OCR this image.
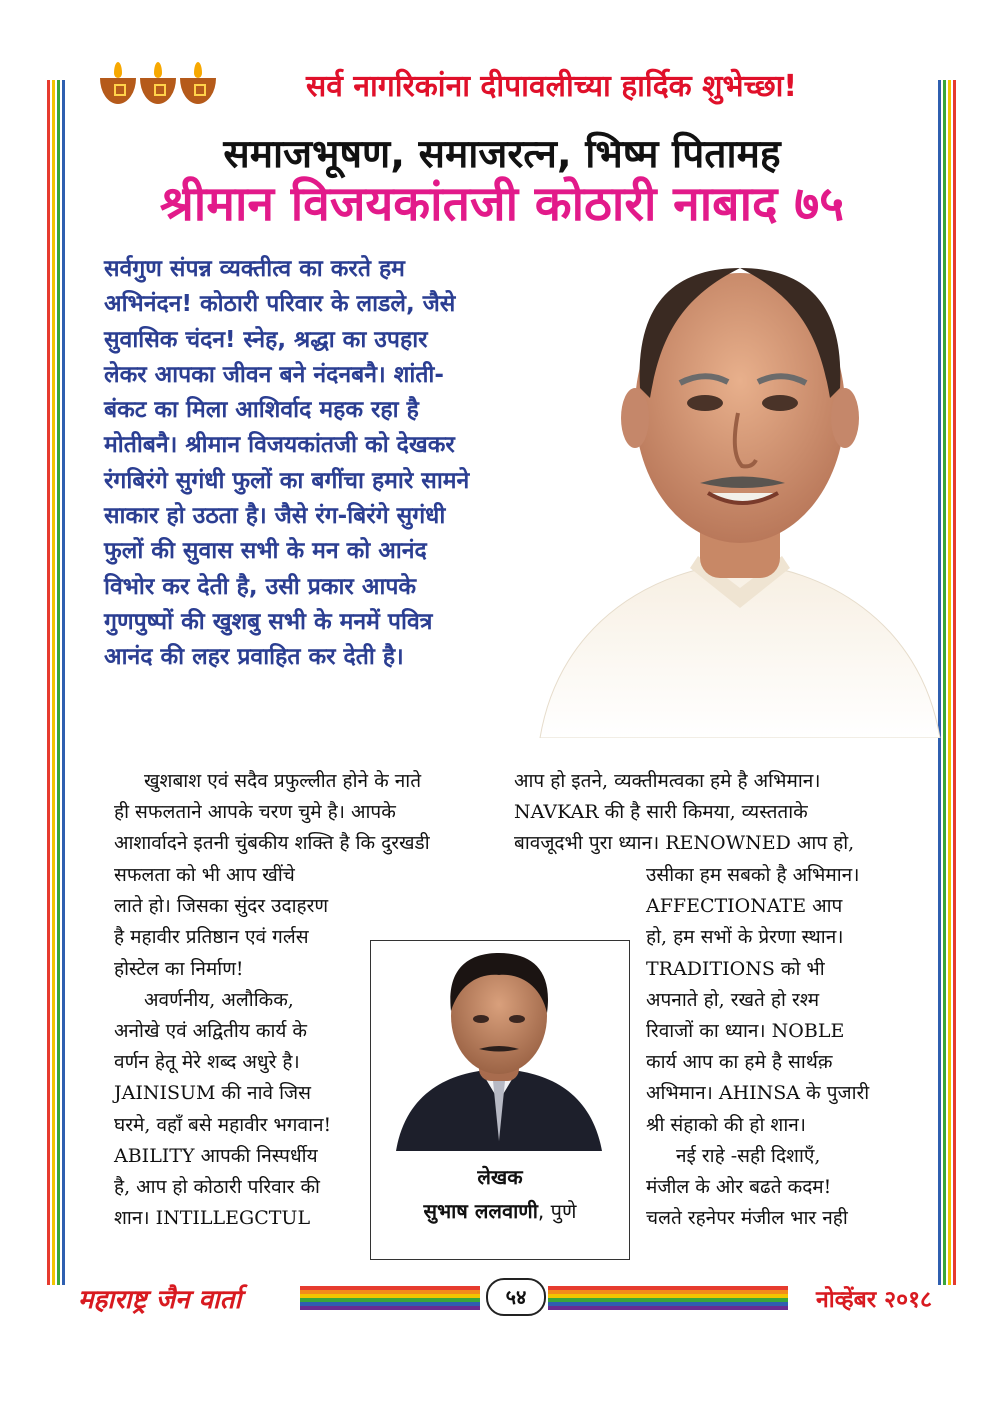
सर्व नागरिकांना दीपावलीच्या हार्दिक शुभेच्छा!
समाजभूषण, समाजरत्न, भिष्म पितामह
श्रीमान विजयकांतजी कोठारी नाबाद ७५
सर्वगुण संपन्न व्यक्तीत्व का करते हम
अभिनंदन! कोठारी परिवार के लाडले, जैसे
सुवासिक चंदन! स्नेह, श्रद्धा का उपहार
लेकर आपका जीवन बने नंदनबनै। शांती-
बंकट का मिला आशिर्वाद महक रहा है
मोतीबनै। श्रीमान विजयकांतजी को देखकर
रंगबिरंगे सुगंधी फुलों का बगींचा हमारे सामने
साकार हो उठता है। जैसे रंग-बिरंगे सुगंधी
फुलों की सुवास सभी के मन को आनंद
विभोर कर देती है, उसी प्रकार आपके
गुणपुष्पों की खुशबु सभी के मनमें पवित्र
आनंद की लहर प्रवाहित कर देती है।

खुशबाश एवं सदैव प्रफुल्लीत होने के नाते

ही सफलताने आपके चरण चुमे है। आपके

आशार्वादने इतनी चुंबकीय शक्ति है कि दुरखडी

सफलता को भी आप खींचे

लाते हो। जिसका सुंदर उदाहरण

है महावीर प्रतिष्ठान एवं गर्लस

होस्टेल का निर्माण!

अवर्णनीय, अलौकिक,

अनोखे एवं अद्वितीय कार्य के

वर्णन हेतू मेरे शब्द अधुरे है।

JAINISUM की नावे जिस

घरमे, वहाँ बसे महावीर भगवान!

ABILITY आपकी निस्पर्धीय

है, आप हो कोठारी परिवार की

शान। INTILLEGCTUL

आप हो इतने, व्यक्तीमत्वका हमे है अभिमान।

NAVKAR की है सारी किमया, व्यस्तताके

बावजूदभी पुरा ध्यान। RENOWNED आप हो,

उसीका हम सबको है अभिमान।

AFFECTIONATE आप

हो, हम सभों के प्रेरणा स्थान।

TRADITIONS को भी

अपनाते हो, रखते हो रश्म

रिवाजों का ध्यान। NOBLE

कार्य आप का हमे है सार्थक़

अभिमान। AHINSA के पुजारी

श्री संहाको की हो शान।

नई राहे -सही दिशाएँ,

मंजील के ओर बढते कदम!

चलते रहनेपर मंजील भार नही

लेखक
सुभाष ललवाणी, पुणे
महाराष्ट्र जैन वार्ता	५४	नोव्हेंबर २०१८
